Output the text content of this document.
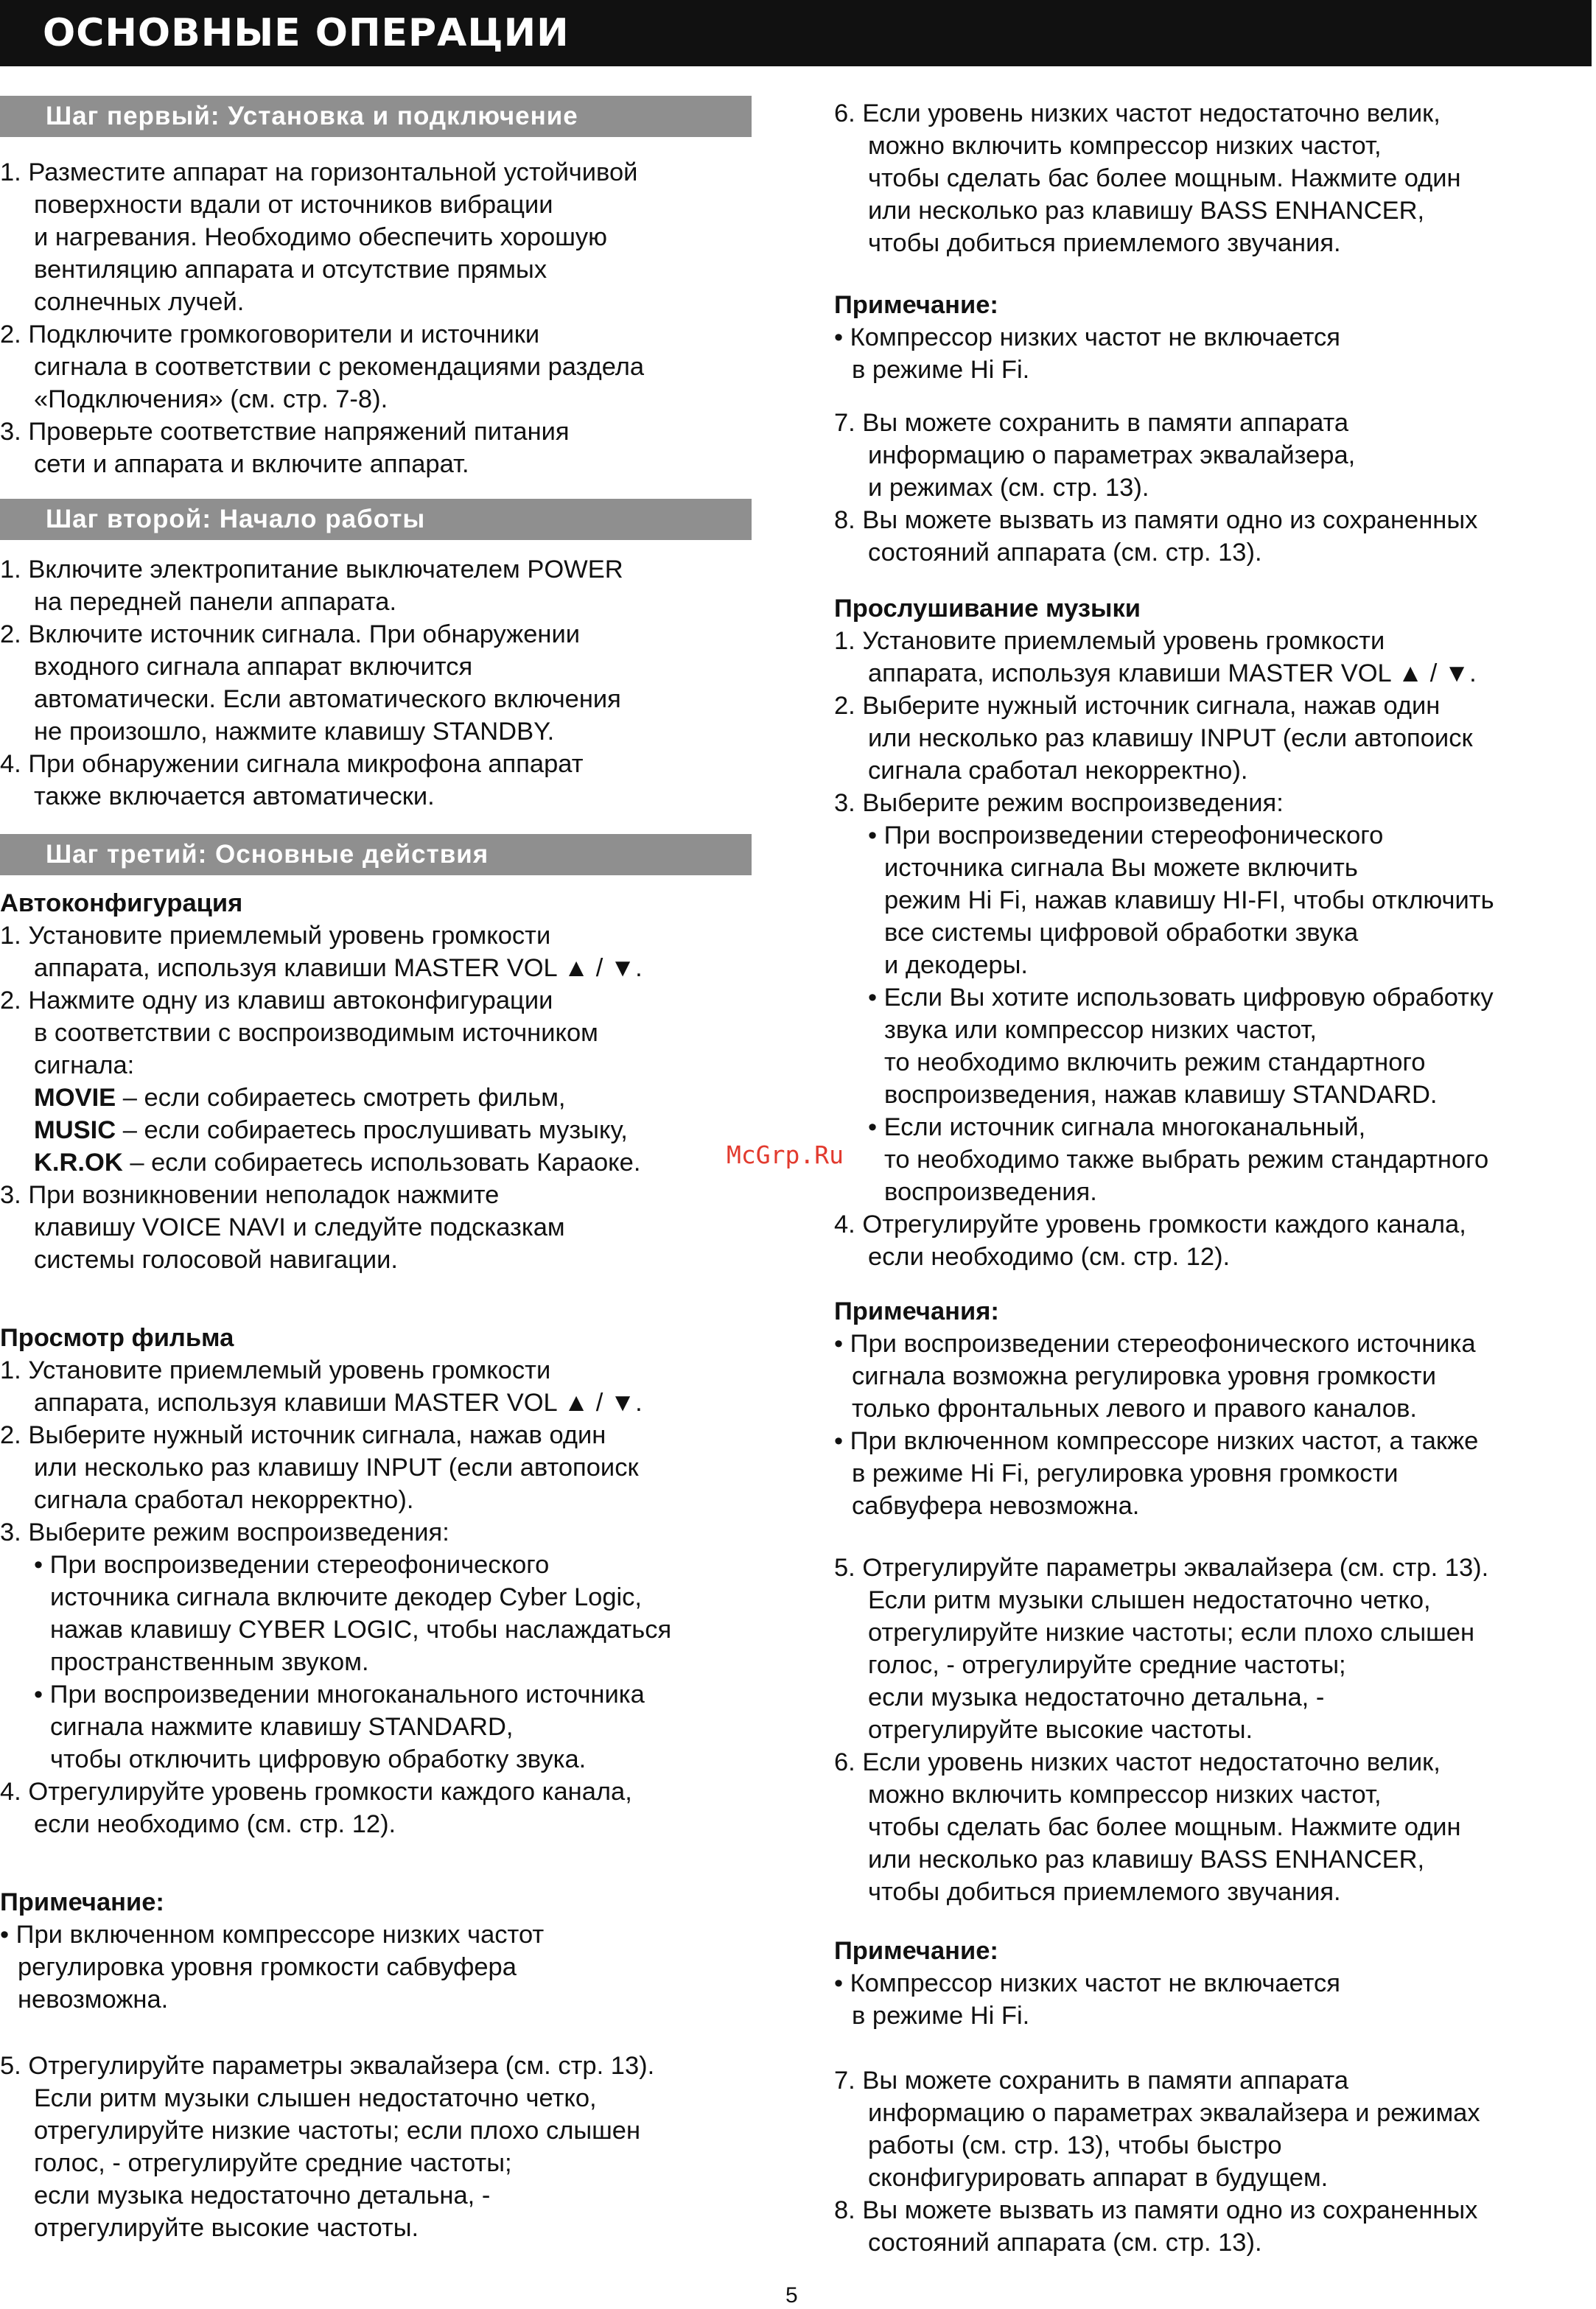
ОСНОВНЫЕ ОПЕРАЦИИ
Шаг первый: Установка и подключение
1. Разместите аппарат на горизонтальной устойчивой
поверхности вдали от источников вибрации
и нагревания. Необходимо обеспечить хорошую
вентиляцию аппарата и отсутствие прямых
солнечных лучей.
2. Подключите громкоговорители и источники
сигнала в соответствии с рекомендациями раздела
«Подключения» (см. стр. 7-8).
3. Проверьте соответствие напряжений питания
сети и аппарата и включите аппарат.
Шаг второй: Начало работы
1. Включите электропитание выключателем POWER
на передней панели аппарата.
2. Включите источник сигнала. При обнаружении
входного сигнала аппарат включится
автоматически. Если автоматического включения
не произошло, нажмите клавишу STANDBY.
4. При обнаружении сигнала микрофона аппарат
также включается автоматически.
Шаг третий: Основные действия
Автоконфигурация
1. Установите приемлемый уровень громкости
аппарата, используя клавиши MASTER VOL ▲ / ▼.
2. Нажмите одну из клавиш автоконфигурации
в соответствии с воспроизводимым источником
сигнала:
MOVIE – если собираетесь смотреть фильм,
MUSIC – если собираетесь прослушивать музыку,
K.R.OK – если собираетесь использовать Караоке.
3. При возникновении неполадок нажмите
клавишу VOICE NAVI и следуйте подсказкам
системы голосовой навигации.
Просмотр фильма
1. Установите приемлемый уровень громкости
аппарата, используя клавиши MASTER VOL ▲ / ▼.
2. Выберите нужный источник сигнала, нажав один
или несколько раз клавишу INPUT (если автопоиск
сигнала сработал некорректно).
3. Выберите режим воспроизведения:
• При воспроизведении стереофонического
источника сигнала включите декодер Cyber Logic,
нажав клавишу CYBER LOGIC, чтобы наслаждаться
пространственным звуком.
• При воспроизведении многоканального источника
сигнала нажмите клавишу STANDARD,
чтобы отключить цифровую обработку звука.
4. Отрегулируйте уровень громкости каждого канала,
если необходимо (см. стр. 12).
Примечание:
• При включенном компрессоре низких частот
регулировка уровня громкости сабвуфера
невозможна.
5. Отрегулируйте параметры эквалайзера (см. стр. 13).
Если ритм музыки слышен недостаточно четко,
отрегулируйте низкие частоты; если плохо слышен
голос, - отрегулируйте средние частоты;
если музыка недостаточно детальна, -
отрегулируйте высокие частоты.
6. Если уровень низких частот недостаточно велик,
можно включить компрессор низких частот,
чтобы сделать бас более мощным. Нажмите один
или несколько раз клавишу BASS ENHANCER,
чтобы добиться приемлемого звучания.
Примечание:
• Компрессор низких частот не включается
в режиме Hi Fi.
7. Вы можете сохранить в памяти аппарата
информацию о параметрах эквалайзера,
и режимах (см. стр. 13).
8. Вы можете вызвать из памяти одно из сохраненных
состояний аппарата (см. стр. 13).
Прослушивание музыки
1. Установите приемлемый уровень громкости
аппарата, используя клавиши MASTER VOL ▲ / ▼.
2. Выберите нужный источник сигнала, нажав один
или несколько раз клавишу INPUT (если автопоиск
сигнала сработал некорректно).
3. Выберите режим воспроизведения:
• При воспроизведении стереофонического
источника сигнала Вы можете включить
режим Hi Fi, нажав клавишу HI-FI, чтобы отключить
все системы цифровой обработки звука
и декодеры.
• Если Вы хотите использовать цифровую обработку
звука или компрессор низких частот,
то необходимо включить режим стандартного
воспроизведения, нажав клавишу STANDARD.
• Если источник сигнала многоканальный,
то необходимо также выбрать режим стандартного
воспроизведения.
4. Отрегулируйте уровень громкости каждого канала,
если необходимо (см. стр. 12).
Примечания:
• При воспроизведении стереофонического источника
сигнала возможна регулировка уровня громкости
только фронтальных левого и правого каналов.
• При включенном компрессоре низких частот, а также
в режиме Hi Fi, регулировка уровня громкости
сабвуфера невозможна.
5. Отрегулируйте параметры эквалайзера (см. стр. 13).
Если ритм музыки слышен недостаточно четко,
отрегулируйте низкие частоты; если плохо слышен
голос, - отрегулируйте средние частоты;
если музыка недостаточно детальна, -
отрегулируйте высокие частоты.
6. Если уровень низких частот недостаточно велик,
можно включить компрессор низких частот,
чтобы сделать бас более мощным. Нажмите один
или несколько раз клавишу BASS ENHANCER,
чтобы добиться приемлемого звучания.
Примечание:
• Компрессор низких частот не включается
в режиме Hi Fi.
7. Вы можете сохранить в памяти аппарата
информацию о параметрах эквалайзера и режимах
работы (см. стр. 13), чтобы быстро
сконфигурировать аппарат в будущем.
8. Вы можете вызвать из памяти одно из сохраненных
состояний аппарата (см. стр. 13).
McGrp.Ru
5
